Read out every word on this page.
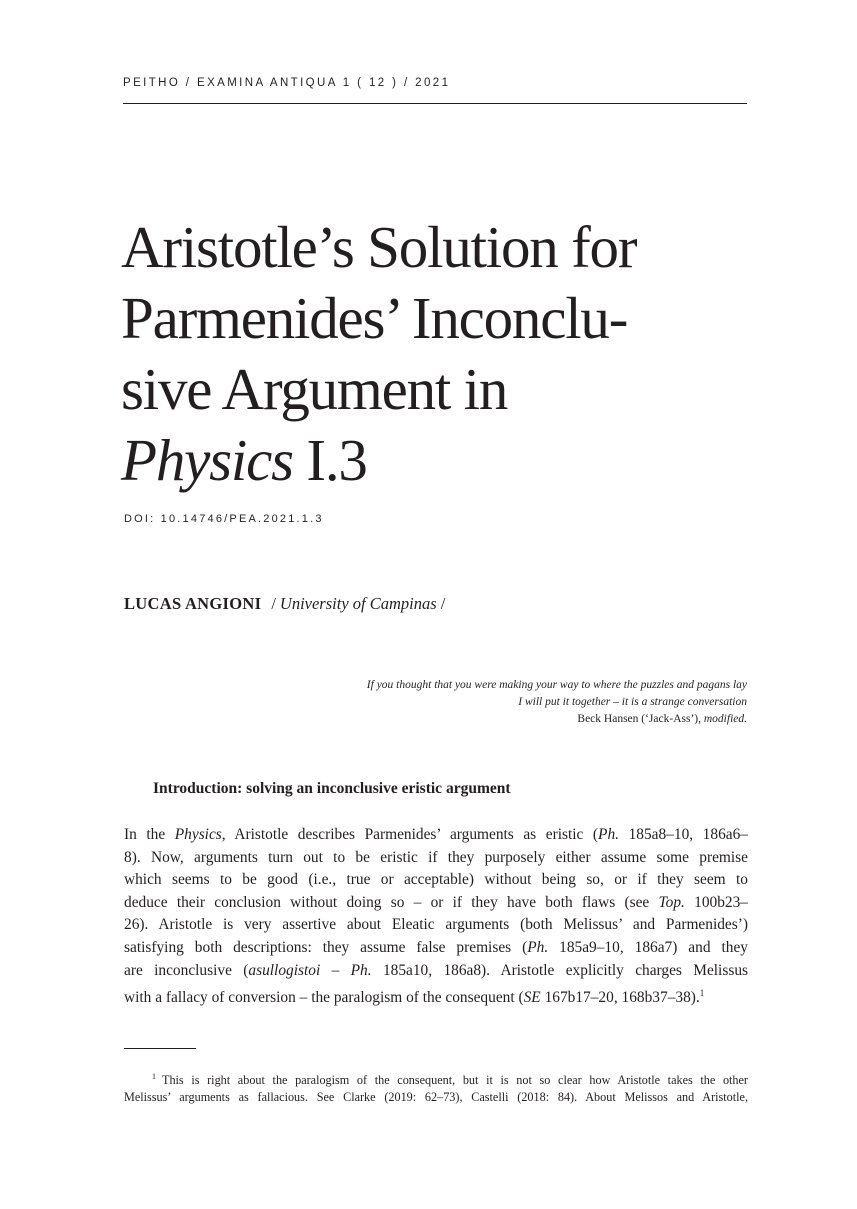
PEITHO / EXAMINA ANTIQUA 1 ( 12 ) / 2021
Aristotle’s Solution for
Parmenides’ Inconclu-
sive Argument in
Physics I.3
DOI: 10.14746/PEA.2021.1.3
LUCAS ANGIONI / University of Campinas /
If you thought that you were making your way to where the puzzles and pagans lay
I will put it together – it is a strange conversation
Beck Hansen (‘Jack-Ass’), modified.
Introduction: solving an inconclusive eristic argument

In the Physics, Aristotle describes Parmenides’ arguments as eristic (Ph. 185a8–10, 186a6–
8). Now, arguments turn out to be eristic if they purposely either assume some premise
which seems to be good (i.e., true or acceptable) without being so, or if they seem to
deduce their conclusion without doing so – or if they have both flaws (see Top. 100b23–
26). Aristotle is very assertive about Eleatic arguments (both Melissus’ and Parmenides’)
satisfying both descriptions: they assume false premises (Ph. 185a9–10, 186a7) and they
are inconclusive (asullogistoi – Ph. 185a10, 186a8). Aristotle explicitly charges Melissus
with a fallacy of conversion – the paralogism of the consequent (SE 167b17–20, 168b37–38).$^1$

$^1$ This is right about the paralogism of the consequent, but it is not so clear how Aristotle takes the other
Melissus’ arguments as fallacious. See Clarke (2019: 62–73), Castelli (2018: 84). About Melissos and Aristotle,
